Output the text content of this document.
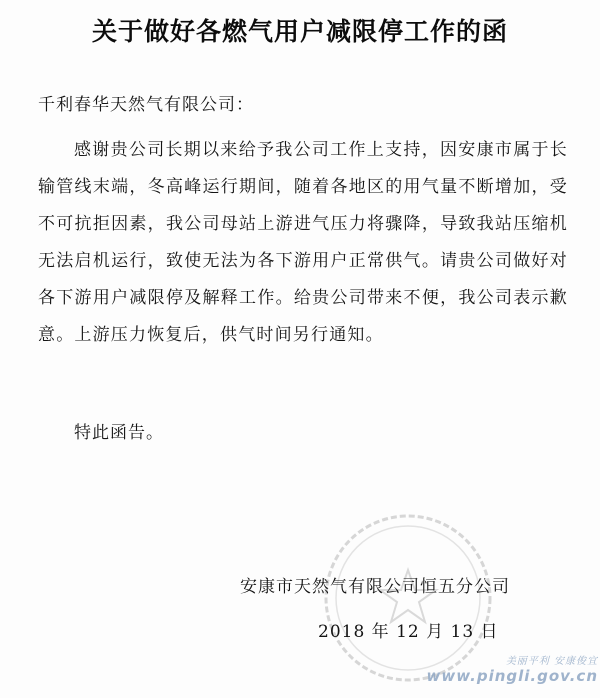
关于做好各燃气用户减限停工作的函
千利春华天然气有限公司：

感谢贵公司长期以来给予我公司工作上支持，因安康市属于长输管线末端，冬高峰运行期间，随着各地区的用气量不断增加，受不可抗拒因素，我公司母站上游进气压力将骤降，导致我站压缩机无法启机运行，致使无法为各下游用户正常供气。请贵公司做好对各下游用户减限停及解释工作。给贵公司带来不便，我公司表示歉意。上游压力恢复后，供气时间另行通知。

特此函告。
安康市天然气有限公司恒五分公司
2018 年 12 月 13 日
美丽平利 安康俊宜
www.pingli.gov.cn
